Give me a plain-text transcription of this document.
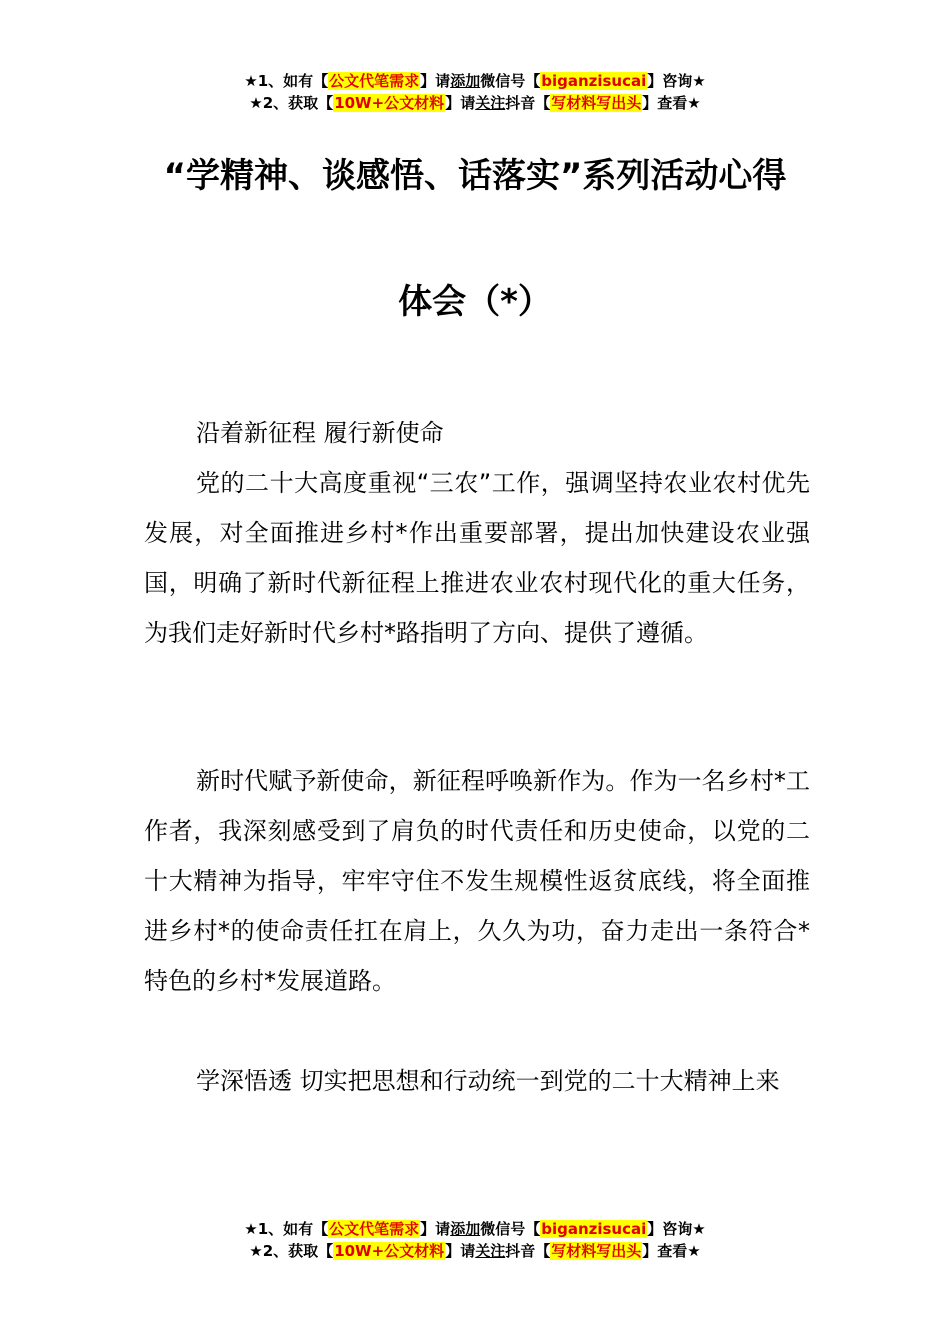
★1、如有【公文代笔需求】请添加微信号【biganzisucai】咨询★
★2、获取【10W+公文材料】请关注抖音【写材料写出头】查看★
“学精神、谈感悟、话落实”系列活动心得
体会（*）

沿着新征程 履行新使命

党的二十大高度重视“三农”工作，强调坚持农业农村优先发展，对全面推进乡村*作出重要部署，提出加快建设农业强国，明确了新时代新征程上推进农业农村现代化的重大任务，为我们走好新时代乡村*路指明了方向、提供了遵循。

新时代赋予新使命，新征程呼唤新作为。作为一名乡村*工作者，我深刻感受到了肩负的时代责任和历史使命，以党的二十大精神为指导，牢牢守住不发生规模性返贫底线，将全面推进乡村*的使命责任扛在肩上，久久为功，奋力走出一条符合*特色的乡村*发展道路。

学深悟透 切实把思想和行动统一到党的二十大精神上来

★1、如有【公文代笔需求】请添加微信号【biganzisucai】咨询★
★2、获取【10W+公文材料】请关注抖音【写材料写出头】查看★
